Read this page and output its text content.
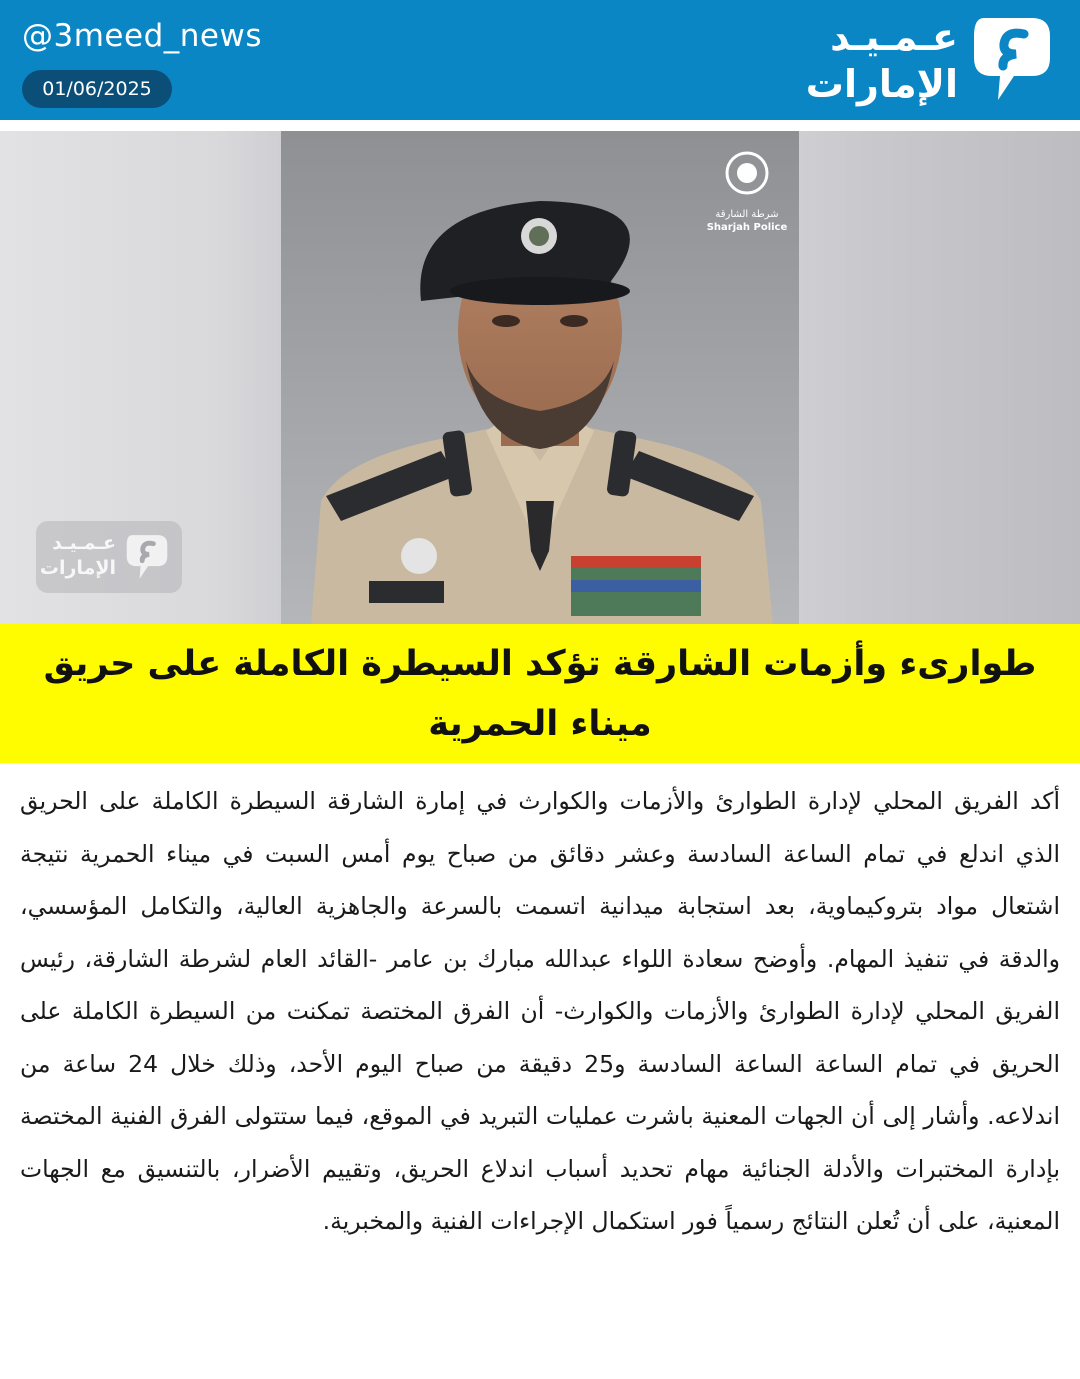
@3meed_news
01/06/2025
عـمـيـد
الإمارات
شرطة الشارقة
Sharjah Police
عـمـيـد
الإمارات
طوارىء وأزمات الشارقة تؤكد السيطرة الكاملة على حريق ميناء الحمرية
أكد الفريق المحلي لإدارة الطوارئ والأزمات والكوارث في إمارة الشارقة السيطرة الكاملة على الحريق الذي اندلع في تمام الساعة السادسة وعشر دقائق من صباح يوم أمس السبت في ميناء الحمرية نتيجة اشتعال مواد بتروكيماوية، بعد استجابة ميدانية اتسمت بالسرعة والجاهزية العالية، والتكامل المؤسسي، والدقة في تنفيذ المهام. وأوضح سعادة اللواء عبدالله مبارك بن عامر -القائد العام لشرطة الشارقة، رئيس الفريق المحلي لإدارة الطوارئ والأزمات والكوارث- أن الفرق المختصة تمكنت من السيطرة الكاملة على الحريق في تمام الساعة الساعة السادسة و25 دقيقة من صباح اليوم الأحد، وذلك خلال 24 ساعة من اندلاعه. وأشار إلى أن الجهات المعنية باشرت عمليات التبريد في الموقع، فيما ستتولى الفرق الفنية المختصة بإدارة المختبرات والأدلة الجنائية مهام تحديد أسباب اندلاع الحريق، وتقييم الأضرار، بالتنسيق مع الجهات المعنية، على أن تُعلن النتائج رسمياً فور استكمال الإجراءات الفنية والمخبرية.
